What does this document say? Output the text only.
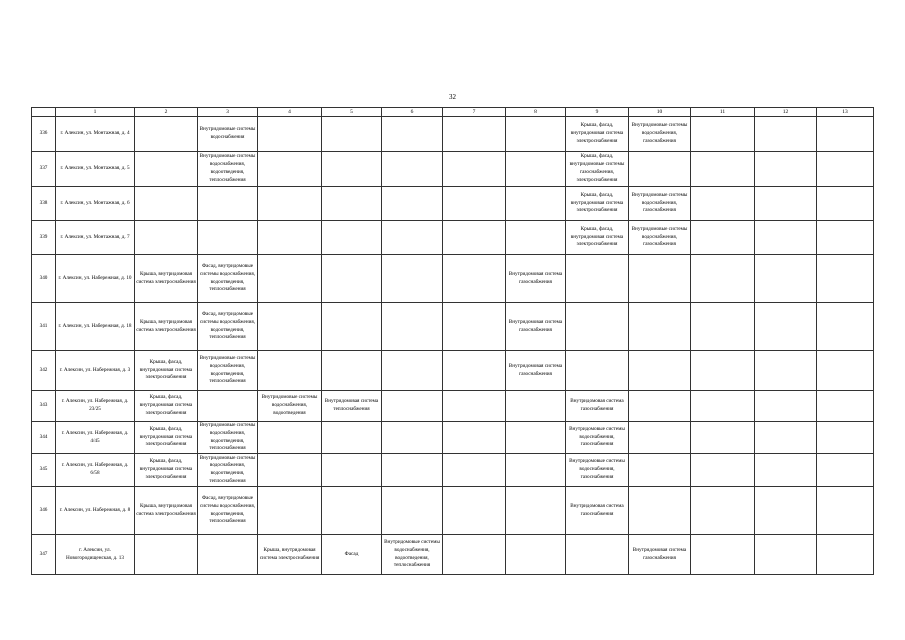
32
	1	2	3	4	5	6	7	8	9	10	11	12	13
336	г. Алексин, ул. Монтажная, д. 4		Внутридомовые системы водоснабжения						Крыша, фасад, внутридомовая система электроснабжения	Внутридомовые системы водоснабжения, газоснабжения			
337	г. Алексин, ул. Монтажная, д. 5		Внутридомовые системы водоснабжения, водоотведения, теплоснабжения						Крыша, фасад, внутридомовые системы газоснабжения, электроснабжения				
338	г. Алексин, ул. Монтажная, д. 6								Крыша, фасад, внутридомовая система электроснабжения	Внутридомовые системы водоснабжения, газоснабжения			
339	г. Алексин, ул. Монтажная, д. 7								Крыша, фасад, внутридомовая система электроснабжения	Внутридомовые системы водоснабжения, газоснабжения			
340	г. Алексин, ул. Набережная, д. 10	Крыша, внутридомовая система электроснабжения	Фасад, внутридомовые системы водоснабжения, водоотведения, теплоснабжения					Внутридомовая система газоснабжения					
341	г. Алексин, ул. Набережная, д. 18	Крыша, внутридомовая система электроснабжения	Фасад, внутридомовые системы водоснабжения, водоотведения, теплоснабжения					Внутридомовая система газоснабжения					
342	г. Алексин, ул. Набережная, д. 3	Крыша, фасад, внутридомовая система электроснабжения	Внутридомовые системы водоснабжения, водоотведения, теплоснабжения					Внутридомовая система газоснабжения					
343	г. Алексин, ул. Набережная, д. 23/25	Крыша, фасад, внутридомовая система электроснабжения		Внутридомовые системы водоснабжения, водоотведения	Внутридомовая система теплоснабжения				Внутридомовая система газоснабжения				
344	г. Алексин, ул. Набережная, д. 4/45	Крыша, фасад, внутридомовая система электроснабжения	Внутридомовые системы водоснабжения, водоотведения, теплоснабжения						Внутридомовые системы водоснабжения, газоснабжения				
345	г. Алексин, ул. Набережная, д. 6/58	Крыша, фасад, внутридомовая система электроснабжения	Внутридомовые системы водоснабжения, водоотведения, теплоснабжения						Внутридомовые системы водоснабжения, газоснабжения				
346	г. Алексин, ул. Набережная, д. 8	Крыша, внутридомовая система электроснабжения	Фасад, внутридомовые системы водоснабжения, водоотведения, теплоснабжения						Внутридомовая система газоснабжения				
347	г. Алексин, ул. Новогородищенская, д. 13			Крыша, внутридомовая система электроснабжения	Фасад	Внутридомовые системы водоснабжения, водоотведения, теплоснабжения				Внутридомовая система газоснабжения			
